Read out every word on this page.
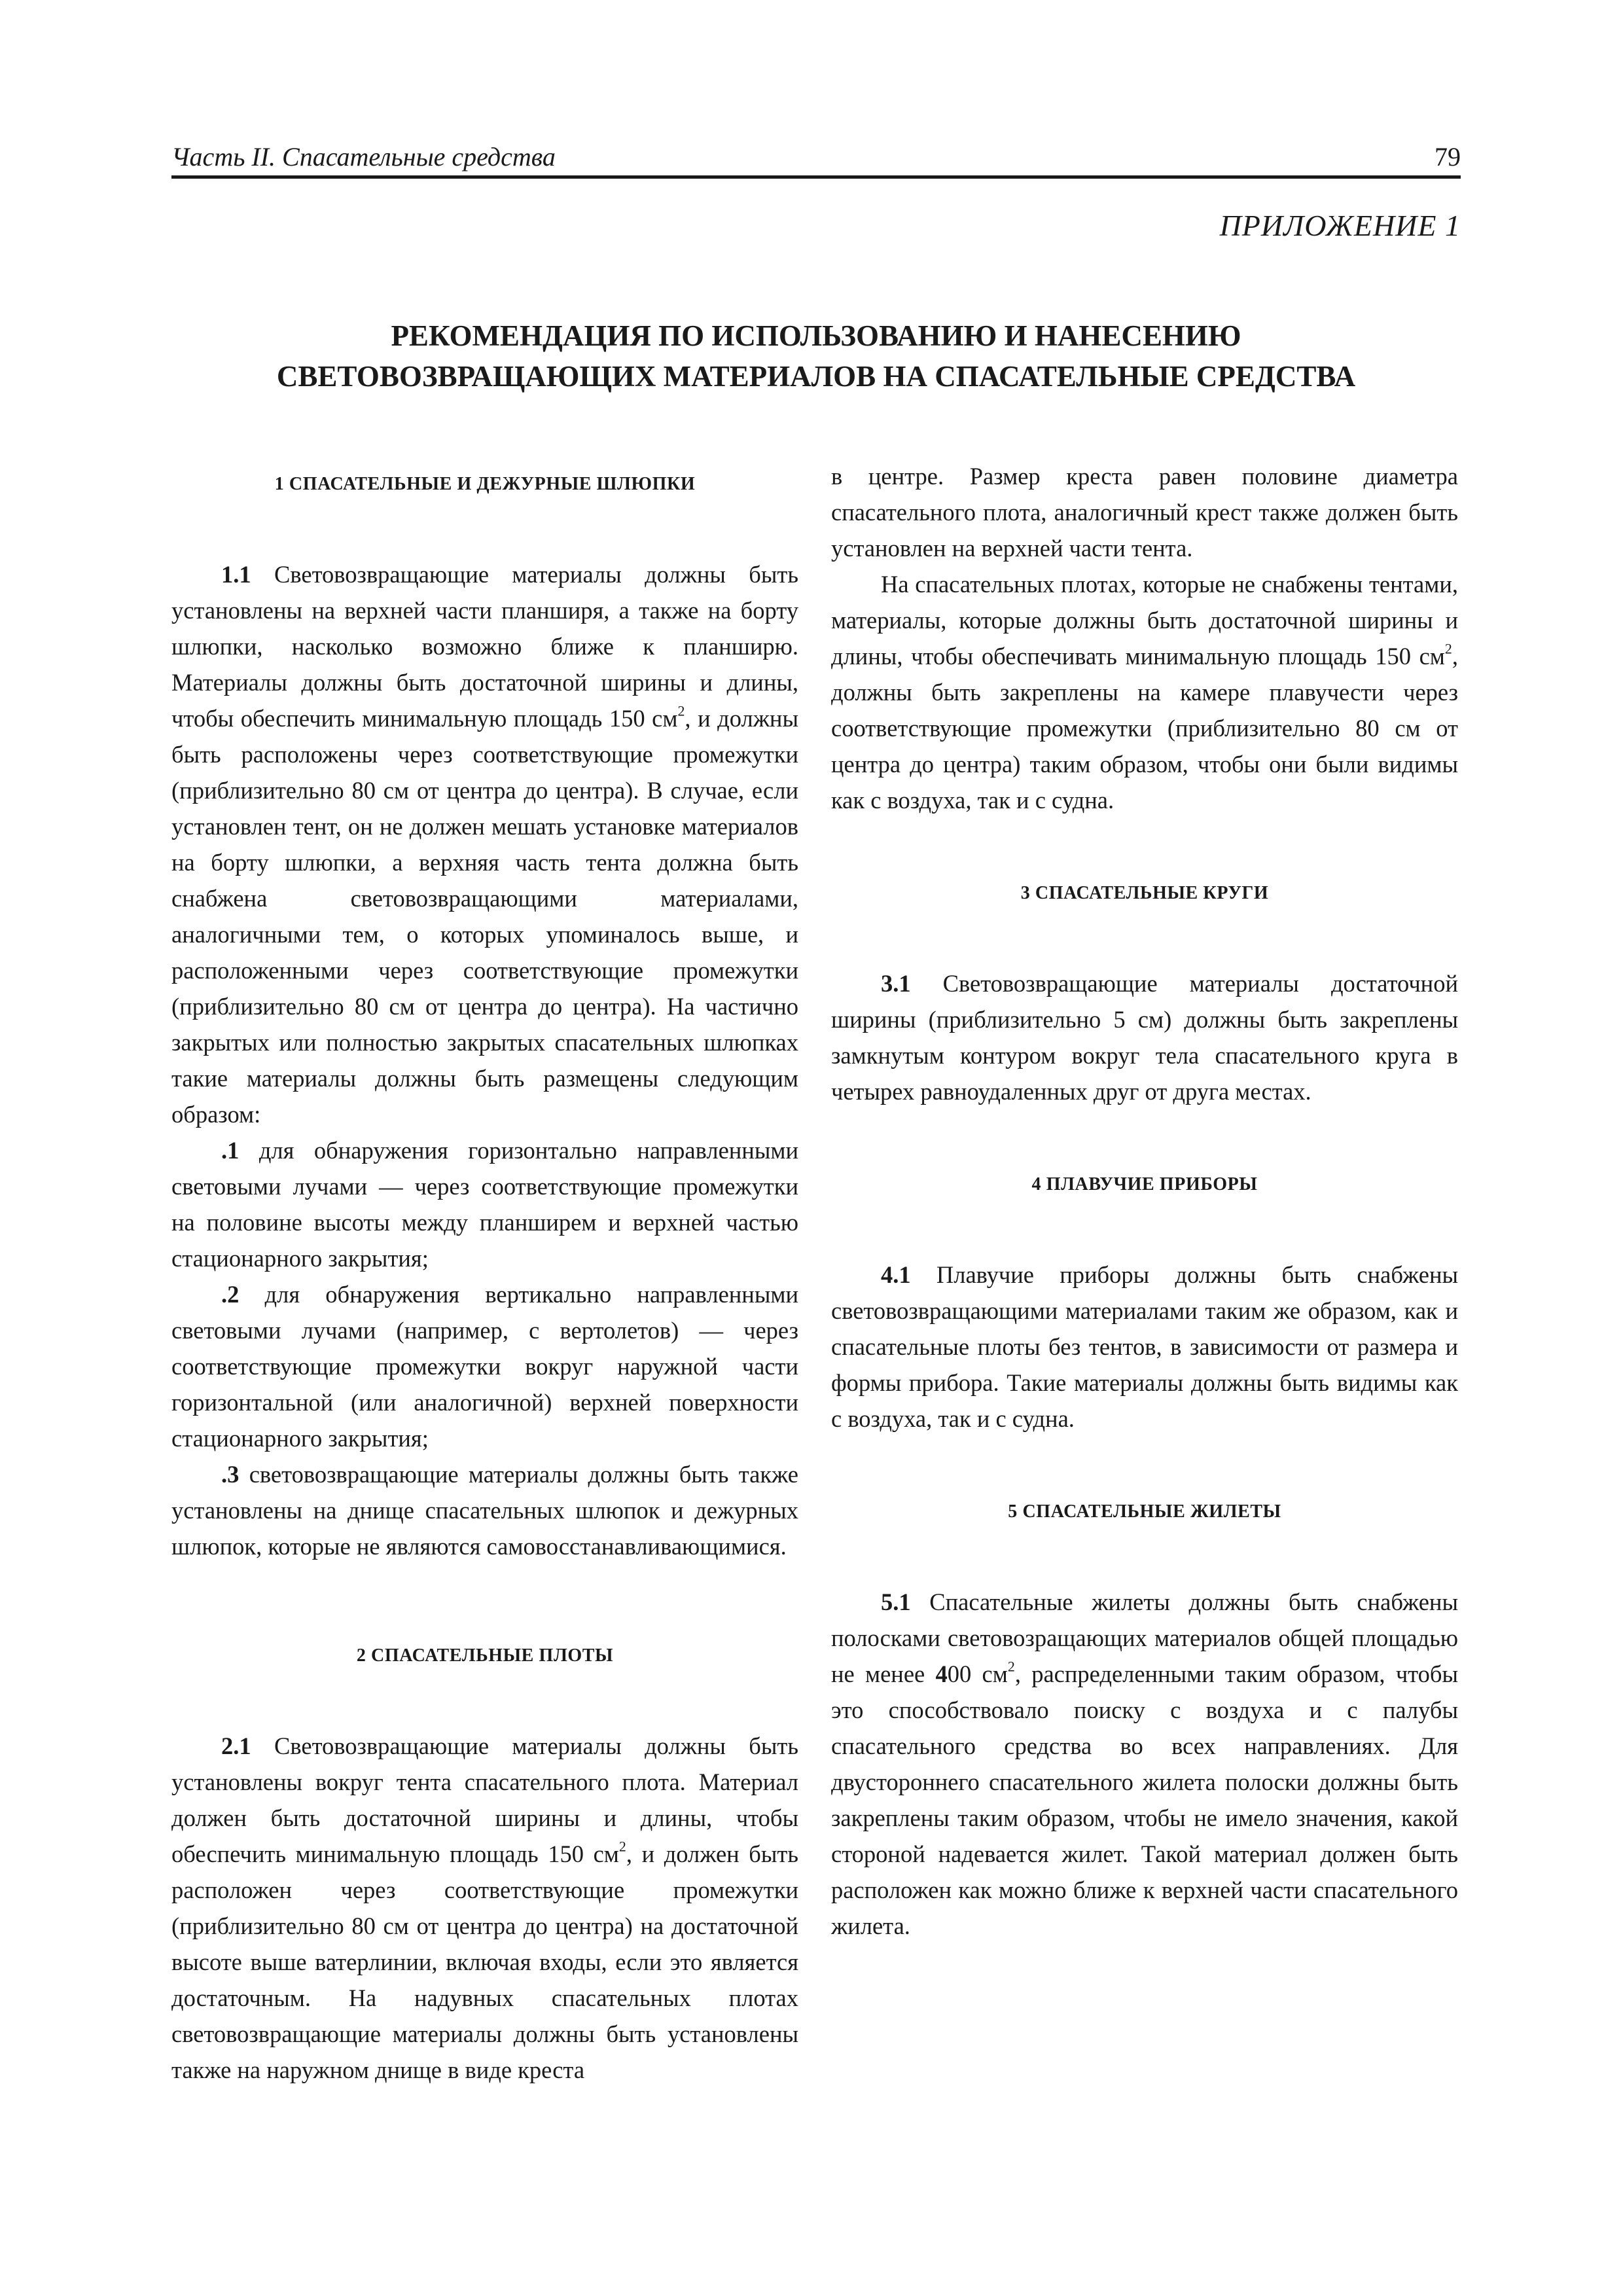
Часть II. Спасательные средства	79
ПРИЛОЖЕНИЕ 1
РЕКОМЕНДАЦИЯ ПО ИСПОЛЬЗОВАНИЮ И НАНЕСЕНИЮ
СВЕТОВОЗВРАЩАЮЩИХ МАТЕРИАЛОВ НА СПАСАТЕЛЬНЫЕ СРЕДСТВА
1 СПАСАТЕЛЬНЫЕ И ДЕЖУРНЫЕ ШЛЮПКИ

1.1 Световозвращающие материалы должны быть установлены на верхней части планширя, а также на борту шлюпки, насколько возможно ближе к планширю. Материалы должны быть достаточной ширины и длины, чтобы обеспечить минимальную площадь 150 $см^2$, и должны быть расположены через соответствующие промежутки (приблизительно 80 см от центра до центра). В случае, если установлен тент, он не должен мешать установке материалов на борту шлюпки, а верхняя часть тента должна быть снабжена световозвращающими материалами, аналогичными тем, о которых упоминалось выше, и расположенными через соответствующие промежутки (приблизительно 80 см от центра до центра). На частично закрытых или полностью закрытых спасательных шлюпках такие материалы должны быть размещены следующим образом:

.1 для обнаружения горизонтально направленными световыми лучами — через соответствующие промежутки на половине высоты между планширем и верхней частью стационарного закрытия;

.2 для обнаружения вертикально направленными световыми лучами (например, с вертолетов) — через соответствующие промежутки вокруг наружной части горизонтальной (или аналогичной) верхней поверхности стационарного закрытия;

.3 световозвращающие материалы должны быть также установлены на днище спасательных шлюпок и дежурных шлюпок, которые не являются самовосстанавливающимися.

2 СПАСАТЕЛЬНЫЕ ПЛОТЫ

2.1 Световозвращающие материалы должны быть установлены вокруг тента спасательного плота. Материал должен быть достаточной ширины и длины, чтобы обеспечить минимальную площадь 150 $см^2$, и должен быть расположен через соответствующие промежутки (приблизительно 80 см от центра до центра) на достаточной высоте выше ватерлинии, включая входы, если это является достаточным. На надувных спасательных плотах световозвращающие материалы должны быть установлены также на наружном днище в виде креста

в центре. Размер креста равен половине диаметра спасательного плота, аналогичный крест также должен быть установлен на верхней части тента.

На спасательных плотах, которые не снабжены тентами, материалы, которые должны быть достаточной ширины и длины, чтобы обеспечивать минимальную площадь 150 $см^2$, должны быть закреплены на камере плавучести через соответствующие промежутки (приблизительно 80 см от центра до центра) таким образом, чтобы они были видимы как с воздуха, так и с судна.

3 СПАСАТЕЛЬНЫЕ КРУГИ

3.1 Световозвращающие материалы достаточной ширины (приблизительно 5 см) должны быть закреплены замкнутым контуром вокруг тела спасательного круга в четырех равноудаленных друг от друга местах.

4 ПЛАВУЧИЕ ПРИБОРЫ

4.1 Плавучие приборы должны быть снабжены световозвращающими материалами таким же образом, как и спасательные плоты без тентов, в зависимости от размера и формы прибора. Такие материалы должны быть видимы как с воздуха, так и с судна.

5 СПАСАТЕЛЬНЫЕ ЖИЛЕТЫ

5.1 Спасательные жилеты должны быть снабжены полосками световозращающих материалов общей площадью не менее 400 $см^2$, распределенными таким образом, чтобы это способствовало поиску с воздуха и с палубы спасательного средства во всех направлениях. Для двустороннего спасательного жилета полоски должны быть закреплены таким образом, чтобы не имело значения, какой стороной надевается жилет. Такой материал должен быть расположен как можно ближе к верхней части спасательного жилета.
